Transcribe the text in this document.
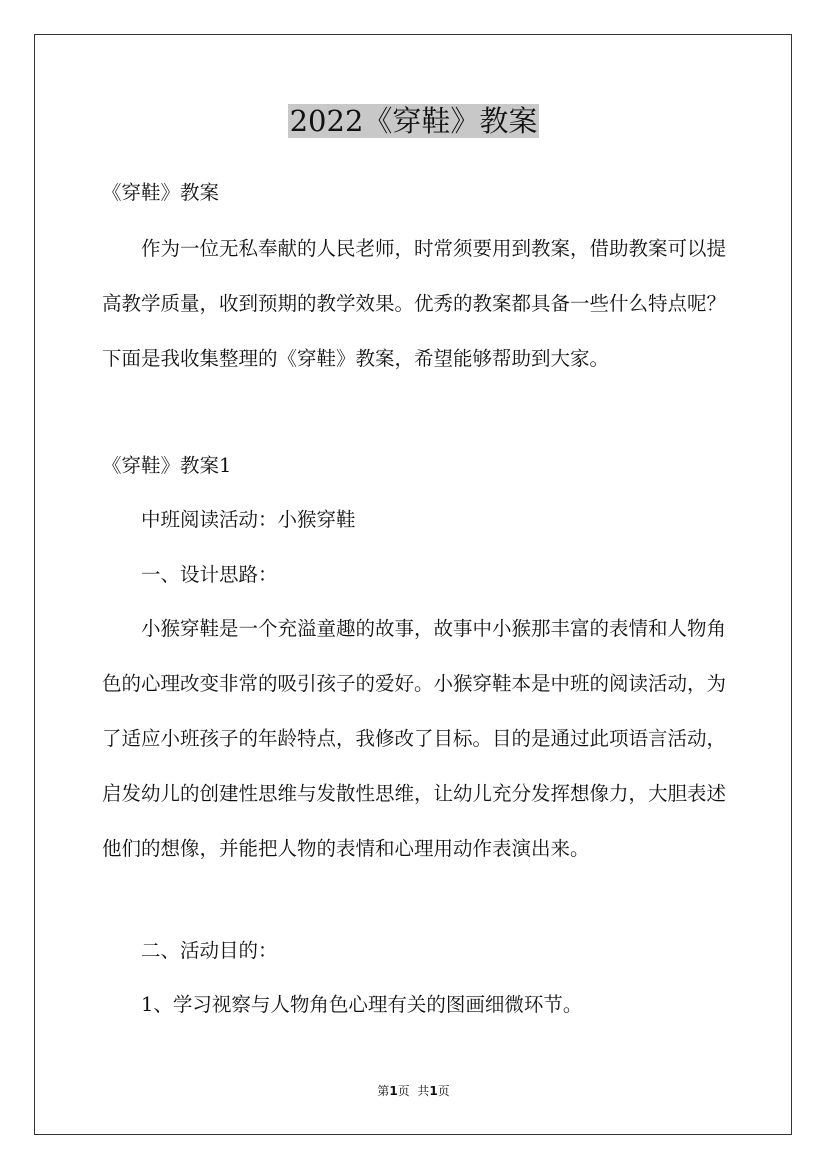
2022《穿鞋》教案
《穿鞋》教案

作为一位无私奉献的人民老师，时常须要用到教案，借助教案可以提高教学质量，收到预期的教学效果。优秀的教案都具备一些什么特点呢？下面是我收集整理的《穿鞋》教案，希望能够帮助到大家。

《穿鞋》教案1
中班阅读活动：小猴穿鞋
一、设计思路：

小猴穿鞋是一个充溢童趣的故事，故事中小猴那丰富的表情和人物角色的心理改变非常的吸引孩子的爱好。小猴穿鞋本是中班的阅读活动，为了适应小班孩子的年龄特点，我修改了目标。目的是通过此项语言活动，启发幼儿的创建性思维与发散性思维，让幼儿充分发挥想像力，大胆表述他们的想像，并能把人物的表情和心理用动作表演出来。

二、活动目的：
1、学习视察与人物角色心理有关的图画细微环节。
第1页  共1页
